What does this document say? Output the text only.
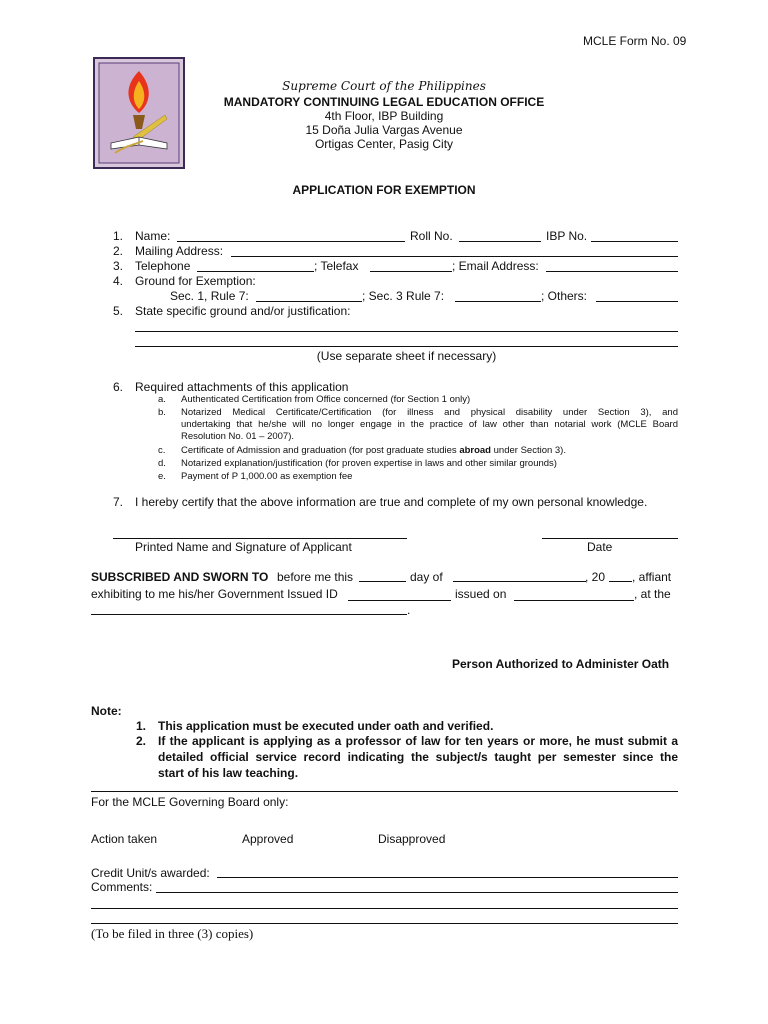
MCLE Form No. 09
Supreme Court of the Philippines
MANDATORY CONTINUING LEGAL EDUCATION OFFICE
4th Floor, IBP Building
15 Doña Julia Vargas Avenue
Ortigas Center, Pasig City
APPLICATION FOR EXEMPTION
1. Name:	Roll No.	IBP No.
2. Mailing Address:
3. Telephone	; Telefax	; Email Address:
4. Ground for Exemption:
Sec. 1, Rule 7:	; Sec. 3 Rule 7:	; Others:
5. State specific ground and/or justification:
(Use separate sheet if necessary)
6. Required attachments of this application
a. Authenticated Certification from Office concerned (for Section 1 only)
b. Notarized Medical Certificate/Certification (for illness and physical disability under Section 3), and
undertaking that he/she will no longer engage in the practice of law other than notarial work (MCLE Board
Resolution No. 01 – 2007).
c. Certificate of Admission and graduation (for post graduate studies abroad under Section 3).
d. Notarized explanation/justification (for proven expertise in laws and other similar grounds)
e. Payment of P 1,000.00 as exemption fee
7. I hereby certify that the above information are true and complete of my own personal knowledge.
Printed Name and Signature of Applicant	Date
SUBSCRIBED AND SWORN TO before me this	day of	, 20 , affiant
exhibiting to me his/her Government Issued ID	issued on	, at the
.
Person Authorized to Administer Oath
Note:
1. This application must be executed under oath and verified.
2. If the applicant is applying as a professor of law for ten years or more, he must submit a
detailed official service record indicating the subject/s taught per semester since the
start of his law teaching.
For the MCLE Governing Board only:
Action taken	Approved	Disapproved
Credit Unit/s awarded:
Comments:
(To be filed in three (3) copies)
